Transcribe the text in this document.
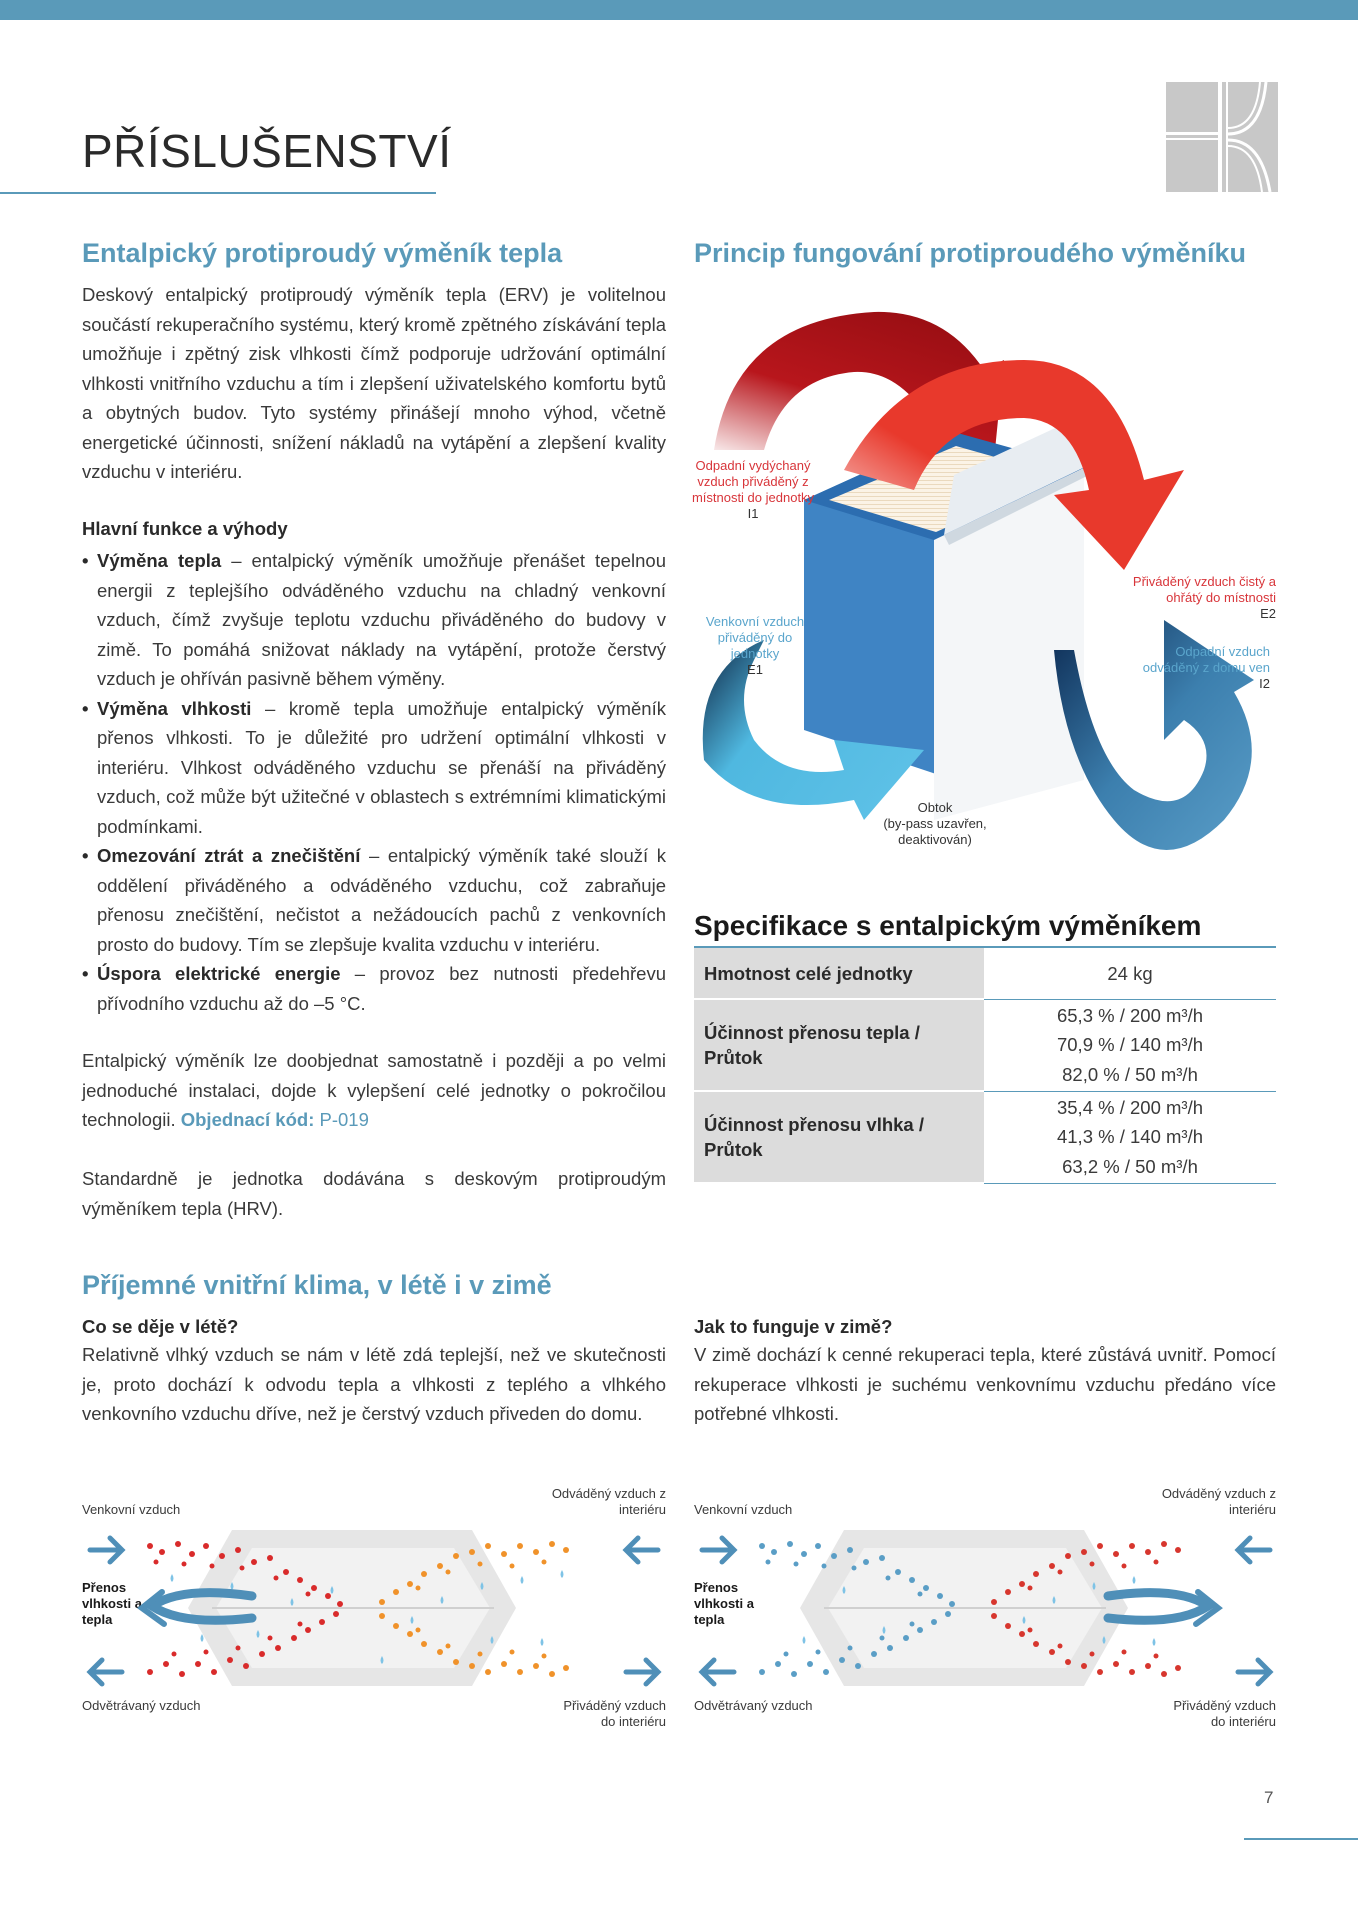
PŘÍSLUŠENSTVÍ
Entalpický protiproudý výměník tepla

Deskový entalpický protiproudý výměník tepla (ERV) je volitelnou součástí rekuperačního systému, který kromě zpětného získávání tepla umožňuje i zpětný zisk vlhkosti čímž podporuje udržování optimální vlhkosti vnitřního vzduchu a tím i zlepšení uživatelského komfortu bytů a obytných budov. Tyto systémy přinášejí mnoho výhod, včetně energetické účinnosti, snížení nákladů na vytápění a zlepšení kvality vzduchu v interiéru.

Hlavní funkce a výhody
• Výměna tepla – entalpický výměník umožňuje přenášet tepelnou energii z teplejšího odváděného vzduchu na chladný venkovní vzduch, čímž zvyšuje teplotu vzduchu přiváděného do budovy v zimě. To pomáhá snižovat náklady na vytápění, protože čerstvý vzduch je ohříván pasivně během výměny.
• Výměna vlhkosti – kromě tepla umožňuje entalpický výměník přenos vlhkosti. To je důležité pro udržení optimální vlhkosti v interiéru. Vlhkost odváděného vzduchu se přenáší na přiváděný vzduch, což může být užitečné v oblastech s extrémními klimatickými podmínkami.
• Omezování ztrát a znečištění – entalpický výměník také slouží k oddělení přiváděného a odváděného vzduchu, což zabraňuje přenosu znečištění, nečistot a nežádoucích pachů z venkovních prosto do budovy. Tím se zlepšuje kvalita vzduchu v interiéru.
• Úspora elektrické energie – provoz bez nutnosti předehřevu přívodního vzduchu až do –5 °C.

Entalpický výměník lze doobjednat samostatně i později a po velmi jednoduché instalaci, dojde k vylepšení celé jednotky o pokročilou technologii. Objednací kód: P-019

Standardně je jednotka dodávána s deskovým protiproudým výměníkem tepla (HRV).

Princip fungování protiproudého výměníku
Odpadní vydýchaný vzduch přiváděný z místnosti do jednotky
I1
Přiváděný vzduch čistý a ohřátý do místnosti
E2
Venkovní vzduch přiváděný do jednotky
E1
Odpadní vzduch odváděný z domu ven
I2
Obtok
(by-pass uzavřen, deaktivován)
Specifikace s entalpickým výměníkem
Hmotnost celé jednotky	24 kg

Účinnost přenosu tepla / Průtok	65,3 % / 200 m³/h
70,9 % / 140 m³/h
82,0 % / 50 m³/h

Účinnost přenosu vlhka / Průtok	35,4 % / 200 m³/h
41,3 % / 140 m³/h
63,2 % / 50 m³/h
Příjemné vnitřní klima, v létě i v zimě
Co se děje v létě?

Relativně vlhký vzduch se nám v létě zdá teplejší, než ve skutečnosti je, proto dochází k odvodu tepla a vlhkosti z teplého a vlhkého venkovního vzduchu dříve, než je čerstvý vzduch přiveden do domu.

Jak to funguje v zimě?

V zimě dochází k cenné rekuperaci tepla, které zůstává uvnitř. Pomocí rekuperace vlhkosti je suchému venkovnímu vzduchu předáno více potřebné vlhkosti.

Venkovní vzduch
Odváděný vzduch z interiéru
Přenos vlhkosti a tepla
Odvětrávaný vzduch	Přiváděný vzduch do interiéru
Venkovní vzduch
Odváděný vzduch z interiéru
Přenos vlhkosti a tepla
Odvětrávaný vzduch	Přiváděný vzduch do interiéru
7
